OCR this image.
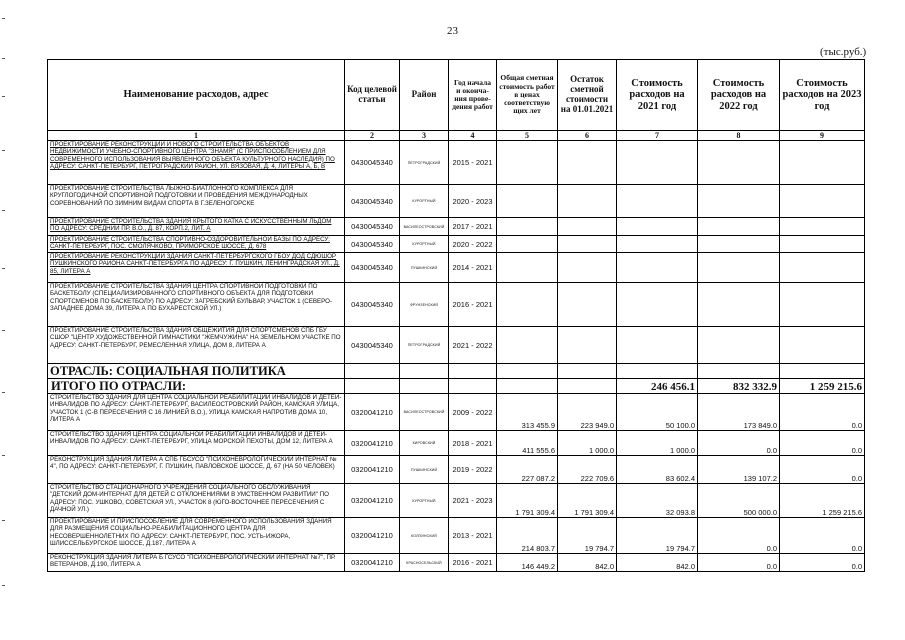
23
(тыс.руб.)
Наименование расходов, адрес	Код целевой статьи	Район	Год начала и оконча-ния прове-дения работ	Общая сметная стоимость работ в ценах соответствую щих лет	Остаток сметной стоимости на 01.01.2021	Стоимость расходов на 2021 год	Стоимость расходов на 2022 год	Стоимость расходов на 2023 год
1	2	3	4	5	6	7	8	9
ПРОЕКТИРОВАНИЕ РЕКОНСТРУКЦИИ И НОВОГО СТРОИТЕЛЬСТВА ОБЪЕКТОВ НЕДВИЖИМОСТИ УЧЕБНО-СПОРТИВНОГО ЦЕНТРА "ЗНАМЯ" (С ПРИСПОСОБЛЕНИЕМ ДЛЯ СОВРЕМЕННОГО ИСПОЛЬЗОВАНИЯ ВЫЯВЛЕННОГО ОБЪЕКТА КУЛЬТУРНОГО НАСЛЕДИЯ) ПО АДРЕСУ: САНКТ-ПЕТЕРБУРГ, ПЕТРОГРАДСКИЙ РАЙОН, УЛ. ВЯЗОВАЯ, Д. 4, ЛИТЕРЫ А, Б, В	0430045340	ПЕТРОГРАДСКИЙ	2015 - 2021					
ПРОЕКТИРОВАНИЕ СТРОИТЕЛЬСТВА ЛЫЖНО-БИАТЛОННОГО КОМПЛЕКСА ДЛЯ КРУГЛОГОДИЧНОЙ СПОРТИВНОЙ ПОДГОТОВКИ И ПРОВЕДЕНИЯ МЕЖДУНАРОДНЫХ СОРЕВНОВАНИЙ ПО ЗИМНИМ ВИДАМ СПОРТА В Г.ЗЕЛЕНОГОРСКЕ	0430045340	КУРОРТНЫЙ	2020 - 2023					
ПРОЕКТИРОВАНИЕ СТРОИТЕЛЬСТВА ЗДАНИЯ КРЫТОГО КАТКА С ИСКУССТВЕННЫМ ЛЬДОМ ПО АДРЕСУ: СРЕДНИЙ ПР. В.О., Д. 87, КОРП.2, ЛИТ. А	0430045340	ВАСИЛЕОСТРОВСКИЙ	2017 - 2021					
ПРОЕКТИРОВАНИЕ СТРОИТЕЛЬСТВА СПОРТИВНО-ОЗДОРОВИТЕЛЬНОЙ БАЗЫ ПО АДРЕСУ: САНКТ-ПЕТЕРБУРГ, ПОС. СМОЛЯЧКОВО, ПРИМОРСКОЕ ШОССЕ, Д. 678	0430045340	КУРОРТНЫЙ	2020 - 2022					
ПРОЕКТИРОВАНИЕ РЕКОНСТРУКЦИИ ЗДАНИЯ САНКТ-ПЕТЕРБУРГСКОГО ГБОУ ДОД СДЮШОР ПУШКИНСКОГО РАЙОНА САНКТ-ПЕТЕРБУРГА ПО АДРЕСУ: Г. ПУШКИН, ЛЕНИНГРАДСКАЯ УЛ., Д. 85, ЛИТЕРА А	0430045340	ПУШКИНСКИЙ	2014 - 2021					
ПРОЕКТИРОВАНИЕ СТРОИТЕЛЬСТВА ЗДАНИЯ ЦЕНТРА СПОРТИВНОЙ ПОДГОТОВКИ ПО БАСКЕТБОЛУ (СПЕЦИАЛИЗИРОВАННОГО СПОРТИВНОГО ОБЪЕКТА ДЛЯ ПОДГОТОВКИ СПОРТСМЕНОВ ПО БАСКЕТБОЛУ) ПО АДРЕСУ: ЗАГРЕБСКИЙ БУЛЬВАР, УЧАСТОК 1 (СЕВЕРО-ЗАПАДНЕЕ ДОМА 39, ЛИТЕРА А ПО БУХАРЕСТСКОЙ УЛ.)	0430045340	ФРУНЗЕНСКИЙ	2016 - 2021					
ПРОЕКТИРОВАНИЕ СТРОИТЕЛЬСТВА ЗДАНИЯ ОБЩЕЖИТИЯ ДЛЯ СПОРТСМЕНОВ СПБ ГБУ СШОР "ЦЕНТР ХУДОЖЕСТВЕННОЙ ГИМНАСТИКИ "ЖЕМЧУЖИНА" НА ЗЕМЕЛЬНОМ УЧАСТКЕ ПО АДРЕСУ: САНКТ-ПЕТЕРБУРГ, РЕМЕСЛЕННАЯ УЛИЦА, ДОМ 8, ЛИТЕРА А	0430045340	ПЕТРОГРАДСКИЙ	2021 - 2022					
ОТРАСЛЬ: СОЦИАЛЬНАЯ ПОЛИТИКА								
ИТОГО ПО ОТРАСЛИ:						246 456.1	832 332.9	1 259 215.6
СТРОИТЕЛЬСТВО ЗДАНИЯ ДЛЯ ЦЕНТРА СОЦИАЛЬНОЙ РЕАБИЛИТАЦИИ ИНВАЛИДОВ И ДЕТЕЙ-ИНВАЛИДОВ ПО АДРЕСУ: САНКТ-ПЕТЕРБУРГ, ВАСИЛЕОСТРОВСКИЙ РАЙОН, КАМСКАЯ УЛИЦА, УЧАСТОК 1 (С-В ПЕРЕСЕЧЕНИЯ С 16 ЛИНИЕЙ В.О.), УЛИЦА КАМСКАЯ НАПРОТИВ ДОМА 10, ЛИТЕРА А	0320041210	ВАСИЛЕОСТРОВСКИЙ	2009 - 2022	313 455.9	223 949.0	50 100.0	173 849.0	0.0
СТРОИТЕЛЬСТВО ЗДАНИЯ ЦЕНТРА СОЦИАЛЬНОЙ РЕАБИЛИТАЦИИ ИНВАЛИДОВ И ДЕТЕЙ-ИНВАЛИДОВ ПО АДРЕСУ: САНКТ-ПЕТЕРБУРГ, УЛИЦА МОРСКОЙ ПЕХОТЫ, ДОМ 12, ЛИТЕРА А	0320041210	КИРОВСКИЙ	2018 - 2021	411 555.6	1 000.0	1 000.0	0.0	0.0
РЕКОНСТРУКЦИЯ ЗДАНИЯ ЛИТЕРА А СПБ ГБСУСО "ПСИХОНЕВРОЛОГИЧЕСКИЙ ИНТЕРНАТ № 4", ПО АДРЕСУ: САНКТ-ПЕТЕРБУРГ, Г. ПУШКИН, ПАВЛОВСКОЕ ШОССЕ, Д. 67 (НА 50 ЧЕЛОВЕК)	0320041210	ПУШКИНСКИЙ	2019 - 2022	227 087.2	222 709.6	83 602.4	139 107.2	0.0
СТРОИТЕЛЬСТВО СТАЦИОНАРНОГО УЧРЕЖДЕНИЯ СОЦИАЛЬНОГО ОБСЛУЖИВАНИЯ "ДЕТСКИЙ ДОМ-ИНТЕРНАТ ДЛЯ ДЕТЕЙ С ОТКЛОНЕНИЯМИ В УМСТВЕННОМ РАЗВИТИИ" ПО АДРЕСУ: ПОС. УШКОВО, СОВЕТСКАЯ УЛ., УЧАСТОК 8 (ЮГО-ВОСТОЧНЕЕ ПЕРЕСЕЧЕНИЯ С ДАЧНОЙ УЛ.)	0320041210	КУРОРТНЫЙ	2021 - 2023	1 791 309.4	1 791 309.4	32 093.8	500 000.0	1 259 215.6
ПРОЕКТИРОВАНИЕ И ПРИСПОСОБЛЕНИЕ ДЛЯ СОВРЕМЕННОГО ИСПОЛЬЗОВАНИЯ ЗДАНИЯ ДЛЯ РАЗМЕЩЕНИЯ СОЦИАЛЬНО-РЕАБИЛИТАЦИОННОГО ЦЕНТРА ДЛЯ НЕСОВЕРШЕННОЛЕТНИХ ПО АДРЕСУ: САНКТ-ПЕТЕРБУРГ, ПОС. УСТЬ-ИЖОРА, ШЛИССЕЛЬБУРГСКОЕ ШОССЕ, Д.187, ЛИТЕРА А	0320041210	КОЛПИНСКИЙ	2013 - 2021	214 803.7	19 794.7	19 794.7	0.0	0.0
РЕКОНСТРУКЦИЯ ЗДАНИЯ ЛИТЕРА Б ГСУСО "ПСИХОНЕВРОЛОГИЧЕСКИЙ ИНТЕРНАТ №7", ПР. ВЕТЕРАНОВ, Д.190, ЛИТЕРА А	0320041210	КРАСНОСЕЛЬСКИЙ	2016 - 2021	146 449.2	842.0	842.0	0.0	0.0
